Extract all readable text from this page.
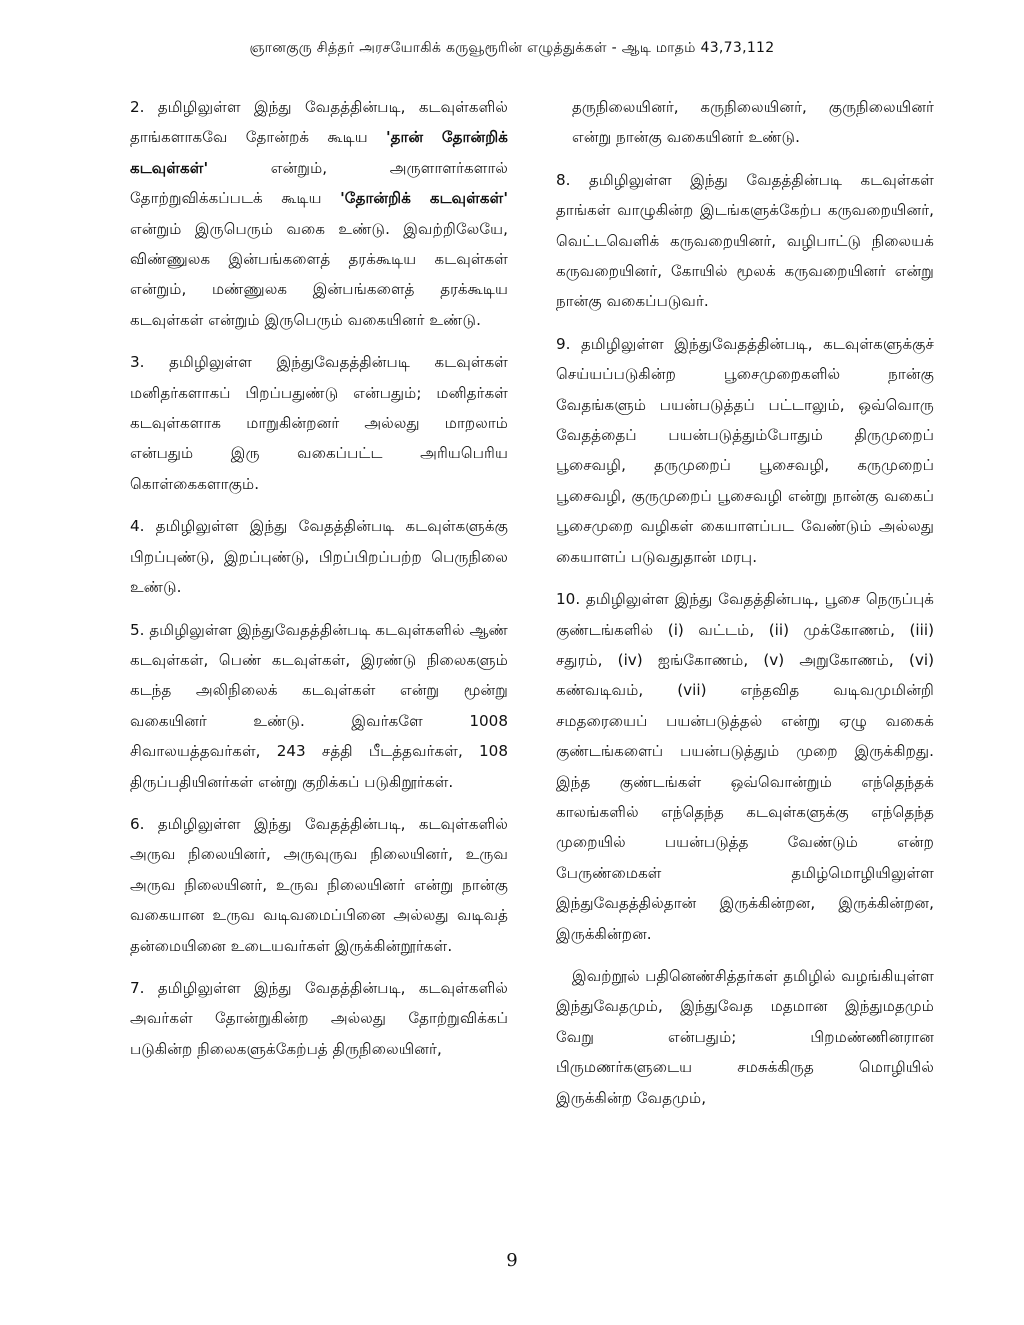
ஞானகுரு சித்தர் அரசயோகிக் கருவூரூரின் எழுத்துக்கள் - ஆடி மாதம் 43,73,112
2. தமிழிலுள்ள இந்து வேதத்தின்படி, கடவுள்களில் தாங்களாகவே தோன்றக் கூடிய 'தான் தோன்றிக் கடவுள்கள்' என்றும், அருளாளர்களால் தோற்றுவிக்கப்படக் கூடிய 'தோன்றிக் கடவுள்கள்' என்றும் இருபெரும் வகை உண்டு. இவற்றிலேயே, விண்ணுலக இன்பங்களைத் தரக்கூடிய கடவுள்கள் என்றும், மண்ணுலக இன்பங்களைத் தரக்கூடிய கடவுள்கள் என்றும் இருபெரும் வகையினர் உண்டு.
3. தமிழிலுள்ள இந்துவேதத்தின்படி கடவுள்கள் மனிதர்களாகப் பிறப்பதுண்டு என்பதும்; மனிதர்கள் கடவுள்களாக மாறுகின்றனர் அல்லது மாறலாம் என்பதும் இரு வகைப்பட்ட அரியபெரிய கொள்கைகளாகும்.
4. தமிழிலுள்ள இந்து வேதத்தின்படி கடவுள்களுக்கு பிறப்புண்டு, இறப்புண்டு, பிறப்பிறப்பற்ற பெருநிலை உண்டு.
5. தமிழிலுள்ள இந்துவேதத்தின்படி கடவுள்களில் ஆண் கடவுள்கள், பெண் கடவுள்கள், இரண்டு நிலைகளும் கடந்த அலிநிலைக் கடவுள்கள் என்று மூன்று வகையினர் உண்டு. இவர்களே 1008 சிவாலயத்தவர்கள், 243 சத்தி பீடத்தவர்கள், 108 திருப்பதியினர்கள் என்று குறிக்கப் படுகிறூர்கள்.
6. தமிழிலுள்ள இந்து வேதத்தின்படி, கடவுள்களில் அருவ நிலையினர், அருவுருவ நிலையினர், உருவ அருவ நிலையினர், உருவ நிலையினர் என்று நான்கு வகையான உருவ வடிவமைப்பினை அல்லது வடிவத் தன்மையினை உடையவர்கள் இருக்கின்றூர்கள்.
7. தமிழிலுள்ள இந்து வேதத்தின்படி, கடவுள்களில் அவர்கள் தோன்றுகின்ற அல்லது தோற்றுவிக்கப் படுகின்ற நிலைகளுக்கேற்பத் திருநிலையினர்,
தருநிலையினர், கருநிலையினர், குருநிலையினர் என்று நான்கு வகையினர் உண்டு.
8. தமிழிலுள்ள இந்து வேதத்தின்படி கடவுள்கள் தாங்கள் வாழுகின்ற இடங்களுக்கேற்ப கருவறையினர், வெட்டவெளிக் கருவறையினர், வழிபாட்டு நிலையக் கருவறையினர், கோயில் மூலக் கருவறையினர் என்று நான்கு வகைப்படுவர்.
9. தமிழிலுள்ள இந்துவேதத்தின்படி, கடவுள்களுக்குச் செய்யப்படுகின்ற பூசைமுறைகளில் நான்கு வேதங்களும் பயன்படுத்தப் பட்டாலும், ஒவ்வொரு வேதத்தைப் பயன்படுத்தும்போதும் திருமுறைப் பூசைவழி, தருமுறைப் பூசைவழி, கருமுறைப் பூசைவழி, குருமுறைப் பூசைவழி என்று நான்கு வகைப் பூசைமுறை வழிகள் கையாளப்பட வேண்டும் அல்லது கையாளப் படுவதுதான் மரபு.
10. தமிழிலுள்ள இந்து வேதத்தின்படி, பூசை நெருப்புக் குண்டங்களில் (i) வட்டம், (ii) முக்கோணம், (iii) சதுரம், (iv) ஐங்கோணம், (v) அறுகோணம், (vi) கண்வடிவம், (vii) எந்தவித வடிவமுமின்றி சமதரையைப் பயன்படுத்தல் என்று ஏழு வகைக் குண்டங்களைப் பயன்படுத்தும் முறை இருக்கிறது. இந்த குண்டங்கள் ஒவ்வொன்றும் எந்தெந்தக் காலங்களில் எந்தெந்த கடவுள்களுக்கு எந்தெந்த முறையில் பயன்படுத்த வேண்டும் என்ற பேருண்மைகள் தமிழ்மொழியிலுள்ள இந்துவேதத்தில்தான் இருக்கின்றன, இருக்கின்றன, இருக்கின்றன.
இவற்றூல் பதினெண்சித்தர்கள் தமிழில் வழங்கியுள்ள இந்துவேதமும், இந்துவேத மதமான இந்துமதமும் வேறு என்பதும்; பிறமண்ணினரான பிருமணர்களுடைய சமசுக்கிருத மொழியில் இருக்கின்ற வேதமும்,
9
